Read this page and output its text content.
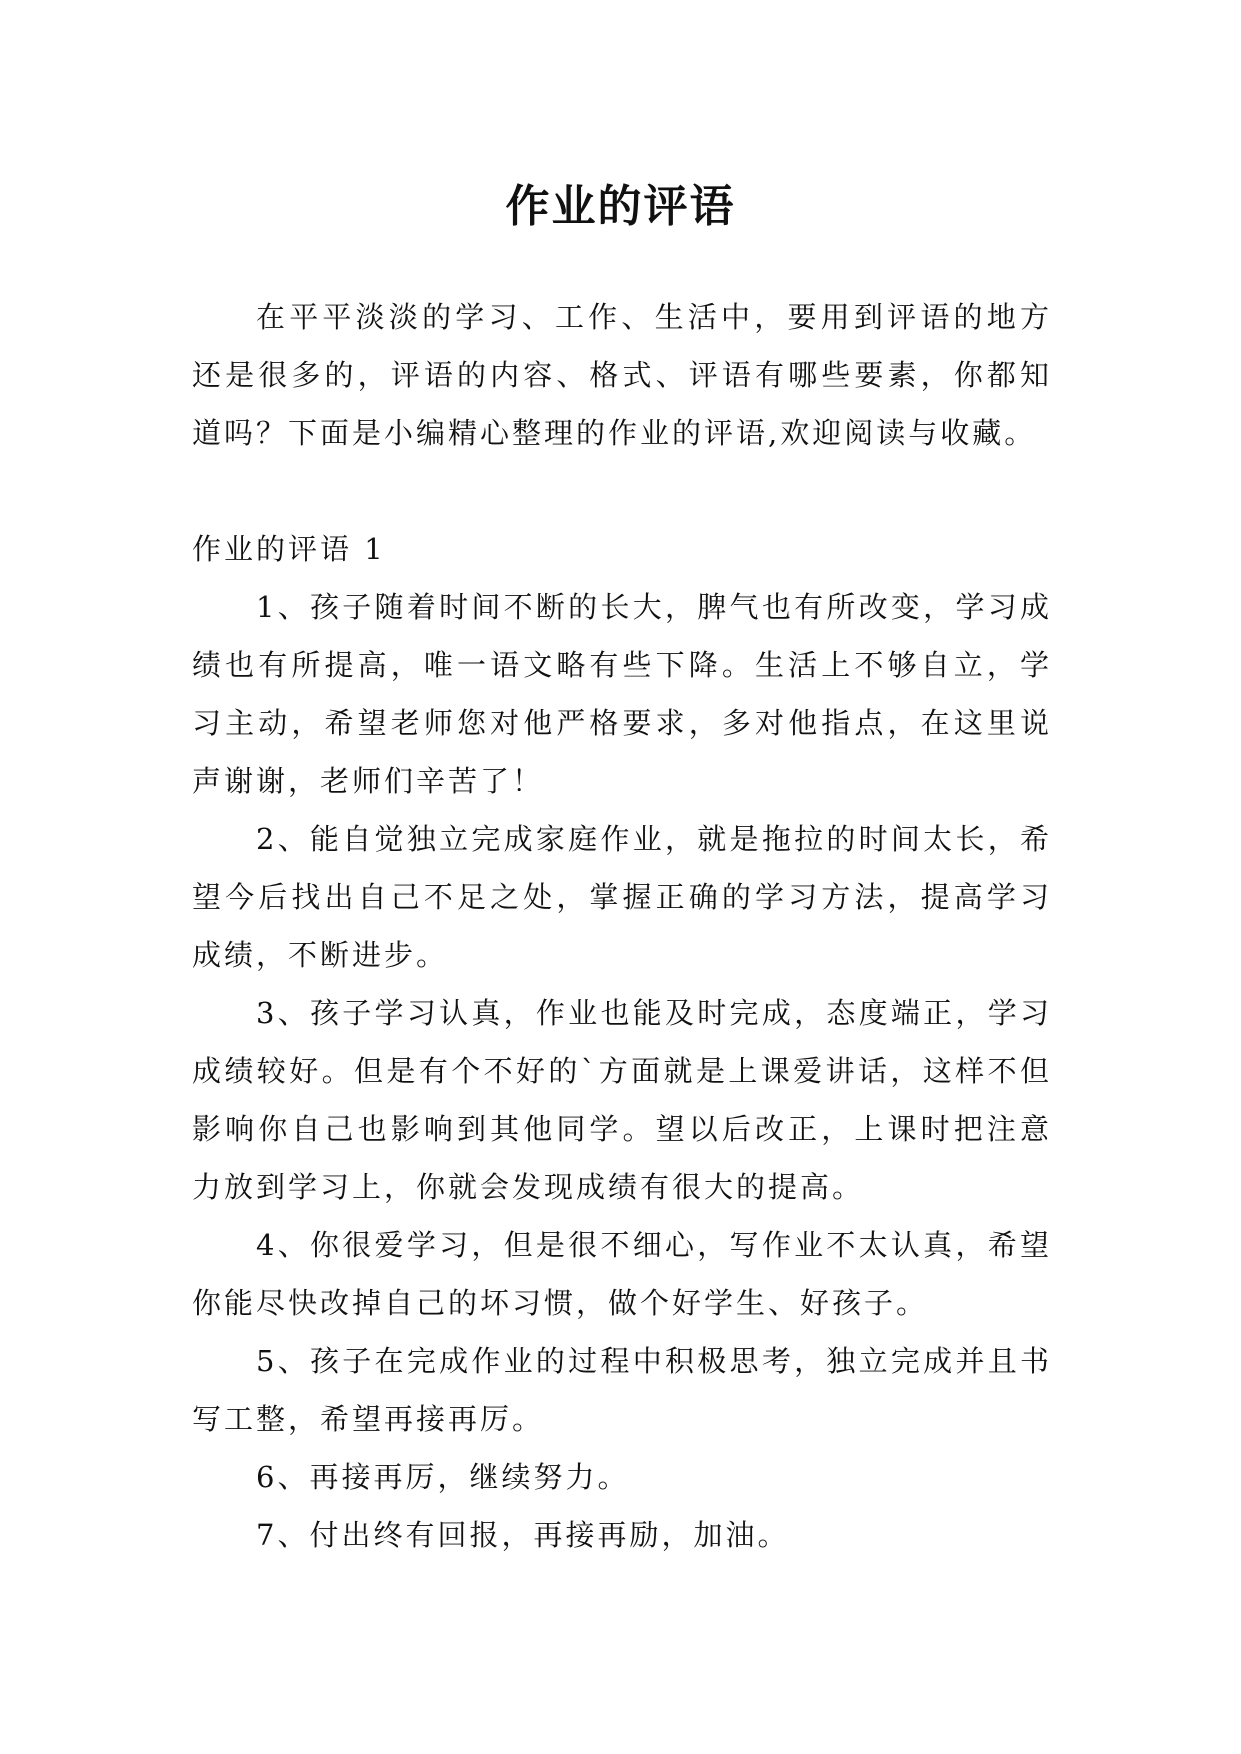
作业的评语

在平平淡淡的学习、工作、生活中，要用到评语的地方还是很多的，评语的内容、格式、评语有哪些要素，你都知道吗？下面是小编精心整理的作业的评语,欢迎阅读与收藏。

作业的评语 1

1、孩子随着时间不断的长大，脾气也有所改变，学习成绩也有所提高，唯一语文略有些下降。生活上不够自立，学习主动，希望老师您对他严格要求，多对他指点，在这里说声谢谢，老师们辛苦了！

2、能自觉独立完成家庭作业，就是拖拉的时间太长，希望今后找出自己不足之处，掌握正确的学习方法，提高学习成绩，不断进步。

3、孩子学习认真，作业也能及时完成，态度端正，学习成绩较好。但是有个不好的`方面就是上课爱讲话，这样不但影响你自己也影响到其他同学。望以后改正，上课时把注意力放到学习上，你就会发现成绩有很大的提高。

4、你很爱学习，但是很不细心，写作业不太认真，希望你能尽快改掉自己的坏习惯，做个好学生、好孩子。

5、孩子在完成作业的过程中积极思考，独立完成并且书写工整，希望再接再厉。

6、再接再厉，继续努力。

7、付出终有回报，再接再励，加油。
